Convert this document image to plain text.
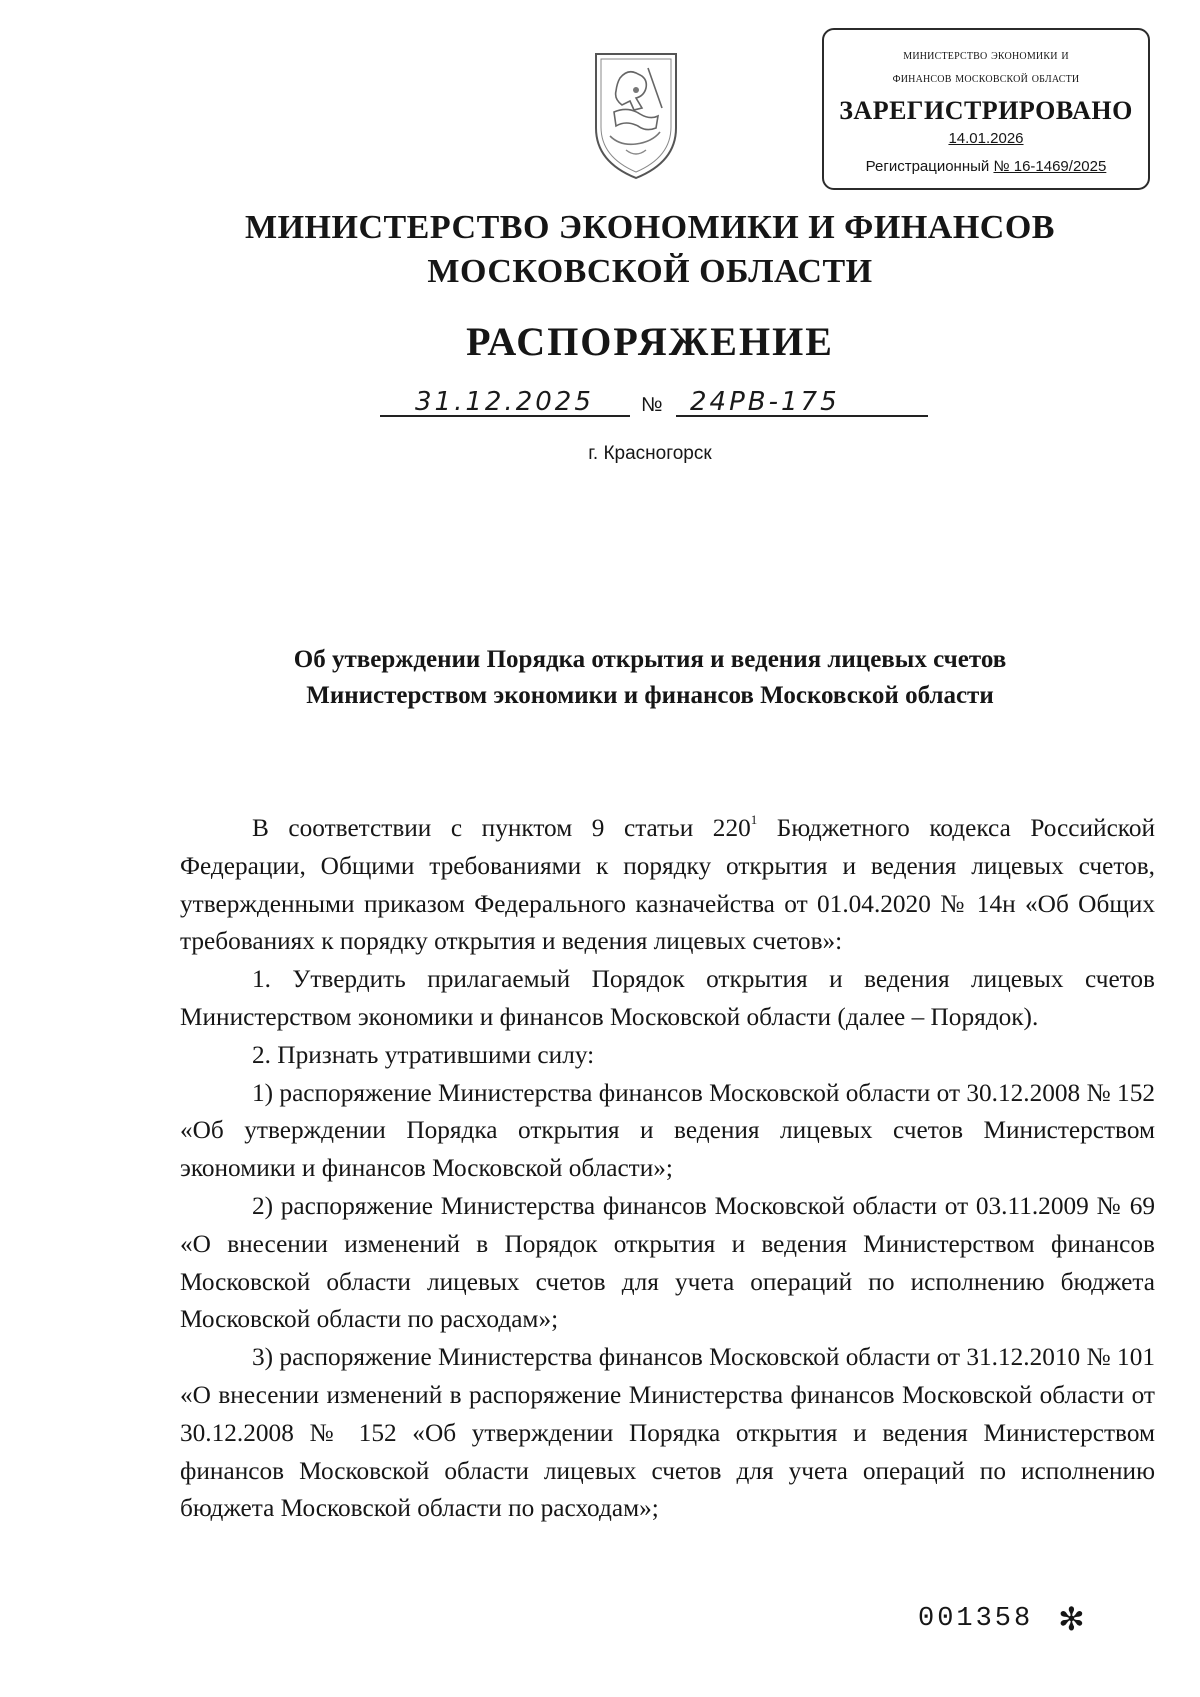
министерство экономики и
финансов московской области
ЗАРЕГИСТРИРОВАНО
14.01.2026
Регистрационный № 16-1469/2025
МИНИСТЕРСТВО ЭКОНОМИКИ И ФИНАНСОВ
МОСКОВСКОЙ ОБЛАСТИ
РАСПОРЯЖЕНИЕ
31.12.2025 № 24РВ-175
г. Красногорск
Об утверждении Порядка открытия и ведения лицевых счетов
Министерством экономики и финансов Московской области

В соответствии с пунктом 9 статьи $220^1$ Бюджетного кодекса Российской Федерации, Общими требованиями к порядку открытия и ведения лицевых счетов, утвержденными приказом Федерального казначейства от 01.04.2020 № 14н «Об Общих требованиях к порядку открытия и ведения лицевых счетов»:

1. Утвердить прилагаемый Порядок открытия и ведения лицевых счетов Министерством экономики и финансов Московской области (далее – Порядок).

2. Признать утратившими силу:

1) распоряжение Министерства финансов Московской области от 30.12.2008 № 152 «Об утверждении Порядка открытия и ведения лицевых счетов Министерством экономики и финансов Московской области»;

2) распоряжение Министерства финансов Московской области от 03.11.2009 № 69 «О внесении изменений в Порядок открытия и ведения Министерством финансов Московской области лицевых счетов для учета операций по исполнению бюджета Московской области по расходам»;

3) распоряжение Министерства финансов Московской области от 31.12.2010 № 101 «О внесении изменений в распоряжение Министерства финансов Московской области от 30.12.2008 № 152 «Об утверждении Порядка открытия и ведения Министерством финансов Московской области лицевых счетов для учета операций по исполнению бюджета Московской области по расходам»;

001358 ✻
